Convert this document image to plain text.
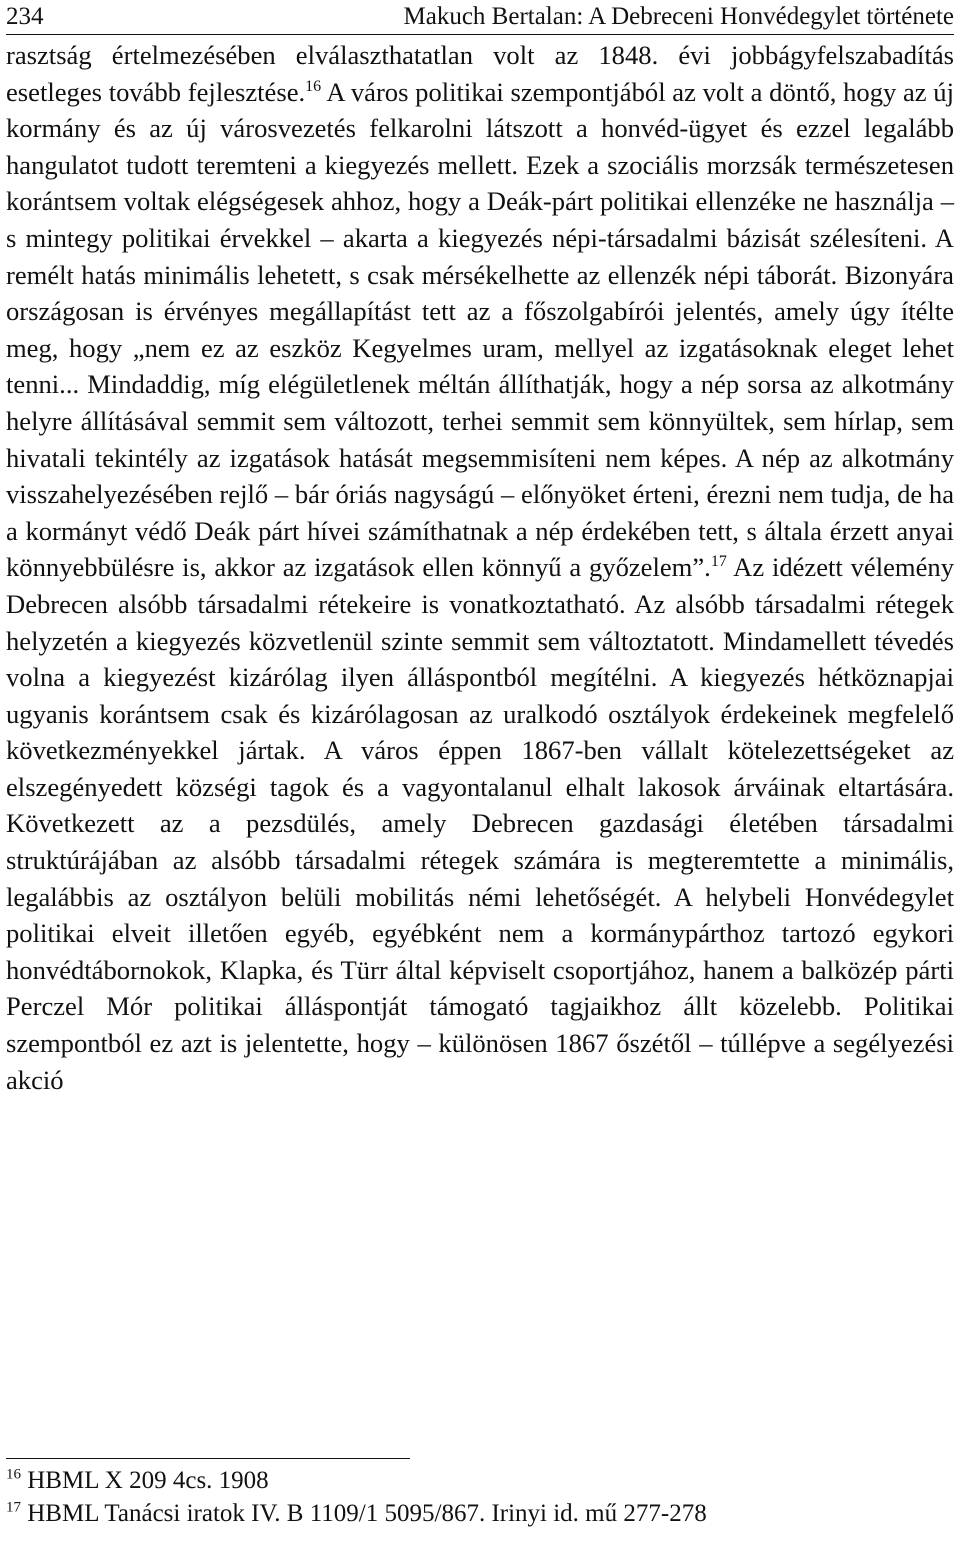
234	Makuch Bertalan: A Debreceni Honvédegylet története
rasztság értelmezésében elválaszthatatlan volt az 1848. évi jobbágyfelszabadítás esetleges tovább fejlesztése.$^{16}$ A város politikai szempontjából az volt a döntő, hogy az új kormány és az új városvezetés felkarolni látszott a honvéd-ügyet és ezzel legalább hangulatot tudott teremteni a kiegyezés mellett. Ezek a szociális morzsák természetesen korántsem voltak elégségesek ahhoz, hogy a Deák-párt politikai ellenzéke ne használja – s mintegy politikai érvekkel – akarta a kiegyezés népi-társadalmi bázisát szélesíteni. A remélt hatás minimális lehetett, s csak mérsékelhette az ellenzék népi táborát. Bizonyára országosan is érvényes megállapítást tett az a főszolgabírói jelentés, amely úgy ítélte meg, hogy „nem ez az eszköz Kegyelmes uram, mellyel az izgatásoknak eleget lehet tenni... Mindaddig, míg elégületlenek méltán állíthatják, hogy a nép sorsa az alkotmány helyre állításával semmit sem változott, terhei semmit sem könnyültek, sem hírlap, sem hivatali tekintély az izgatások hatását megsemmisíteni nem képes. A nép az alkotmány visszahelyezésében rejlő – bár óriás nagyságú – előnyöket érteni, érezni nem tudja, de ha a kormányt védő Deák párt hívei számíthatnak a nép érdekében tett, s általa érzett anyai könnyebbülésre is, akkor az izgatások ellen könnyű a győzelem”.$^{17}$ Az idézett vélemény Debrecen alsóbb társadalmi rétekeire is vonatkoztatható. Az alsóbb társadalmi rétegek helyzetén a kiegyezés közvetlenül szinte semmit sem változtatott. Mindamellett tévedés volna a kiegyezést kizárólag ilyen álláspontból megítélni. A kiegyezés hétköznapjai ugyanis korántsem csak és kizárólagosan az uralkodó osztályok érdekeinek megfelelő következményekkel jártak. A város éppen 1867-ben vállalt kötelezettségeket az elszegényedett községi tagok és a vagyontalanul elhalt lakosok árváinak eltartására. Következett az a pezsdülés, amely Debrecen gazdasági életében társadalmi struktúrájában az alsóbb társadalmi rétegek számára is megteremtette a minimális, legalábbis az osztályon belüli mobilitás némi lehetőségét. A helybeli Honvédegylet politikai elveit illetően egyéb, egyébként nem a kormánypárthoz tartozó egykori honvédtábornokok, Klapka, és Türr által képviselt csoportjához, hanem a balközép párti Perczel Mór politikai álláspontját támogató tagjaikhoz állt közelebb. Politikai szempontból ez azt is jelentette, hogy – különösen 1867 őszétől – túllépve a segélyezési akció
$^{16}$ HBML X 209 4cs. 1908
$^{17}$ HBML Tanácsi iratok IV. B 1109/1 5095/867. Irinyi id. mű 277-278
